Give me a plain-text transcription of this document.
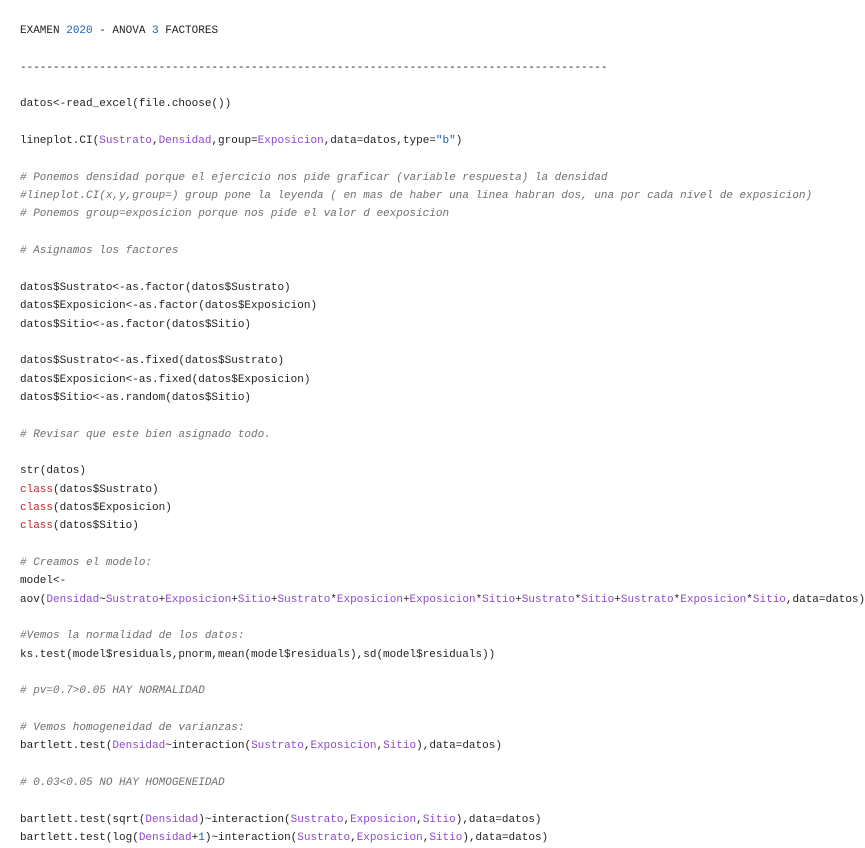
EXAMEN 2020 - ANOVA 3 FACTORES

-----------------------------------------------------------------------------------------

datos<-read_excel(file.choose())

lineplot.CI(Sustrato,Densidad,group=Exposicion,data=datos,type="b")

# Ponemos densidad porque el ejercicio nos pide graficar (variable respuesta) la densidad
#lineplot.CI(x,y,group=) group pone la leyenda ( en mas de haber una linea habran dos, una por cada nivel de exposicion)
# Ponemos group=exposicion porque nos pide el valor d eexposicion

# Asignamos los factores

datos$Sustrato<-as.factor(datos$Sustrato)
datos$Exposicion<-as.factor(datos$Exposicion)
datos$Sitio<-as.factor(datos$Sitio)

datos$Sustrato<-as.fixed(datos$Sustrato)
datos$Exposicion<-as.fixed(datos$Exposicion)
datos$Sitio<-as.random(datos$Sitio)

# Revisar que este bien asignado todo.

str(datos)
class(datos$Sustrato)
class(datos$Exposicion)
class(datos$Sitio)

# Creamos el modelo:
model<-
aov(Densidad~Sustrato+Exposicion+Sitio+Sustrato*Exposicion+Exposicion*Sitio+Sustrato*Sitio+Sustrato*Exposicion*Sitio,data=datos)

#Vemos la normalidad de los datos:
ks.test(model$residuals,pnorm,mean(model$residuals),sd(model$residuals))

# pv=0.7>0.05 HAY NORMALIDAD

# Vemos homogeneidad de varianzas:
bartlett.test(Densidad~interaction(Sustrato,Exposicion,Sitio),data=datos)

# 0.03<0.05 NO HAY HOMOGENEIDAD

bartlett.test(sqrt(Densidad)~interaction(Sustrato,Exposicion,Sitio),data=datos)
bartlett.test(log(Densidad+1)~interaction(Sustrato,Exposicion,Sitio),data=datos)
